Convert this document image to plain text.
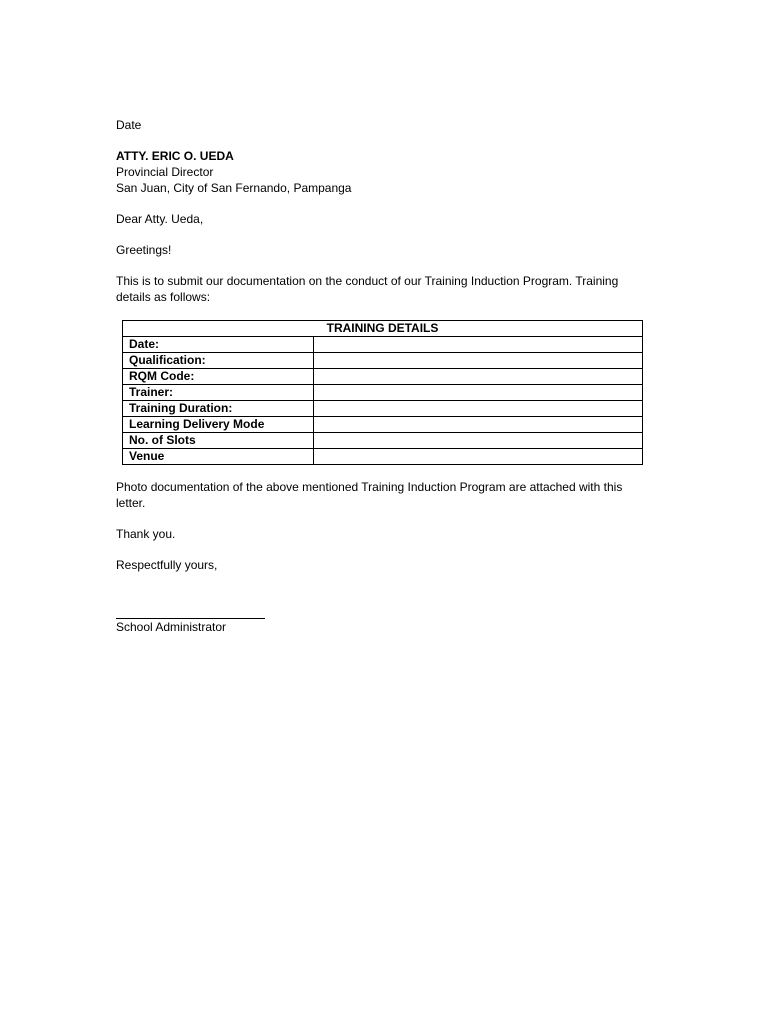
Date

ATTY. ERIC O. UEDA

Provincial Director

San Juan, City of San Fernando, Pampanga

Dear Atty. Ueda,

Greetings!

This is to submit our documentation on the conduct of our Training Induction Program. Training details as follows:

TRAINING DETAILS	
Date:	
Qualification:	
RQM Code:	
Trainer:	
Training Duration:	
Learning Delivery Mode	
No. of Slots	
Venue	

Photo documentation of the above mentioned Training Induction Program are attached with this letter.

Thank you.

Respectfully yours,

School Administrator
